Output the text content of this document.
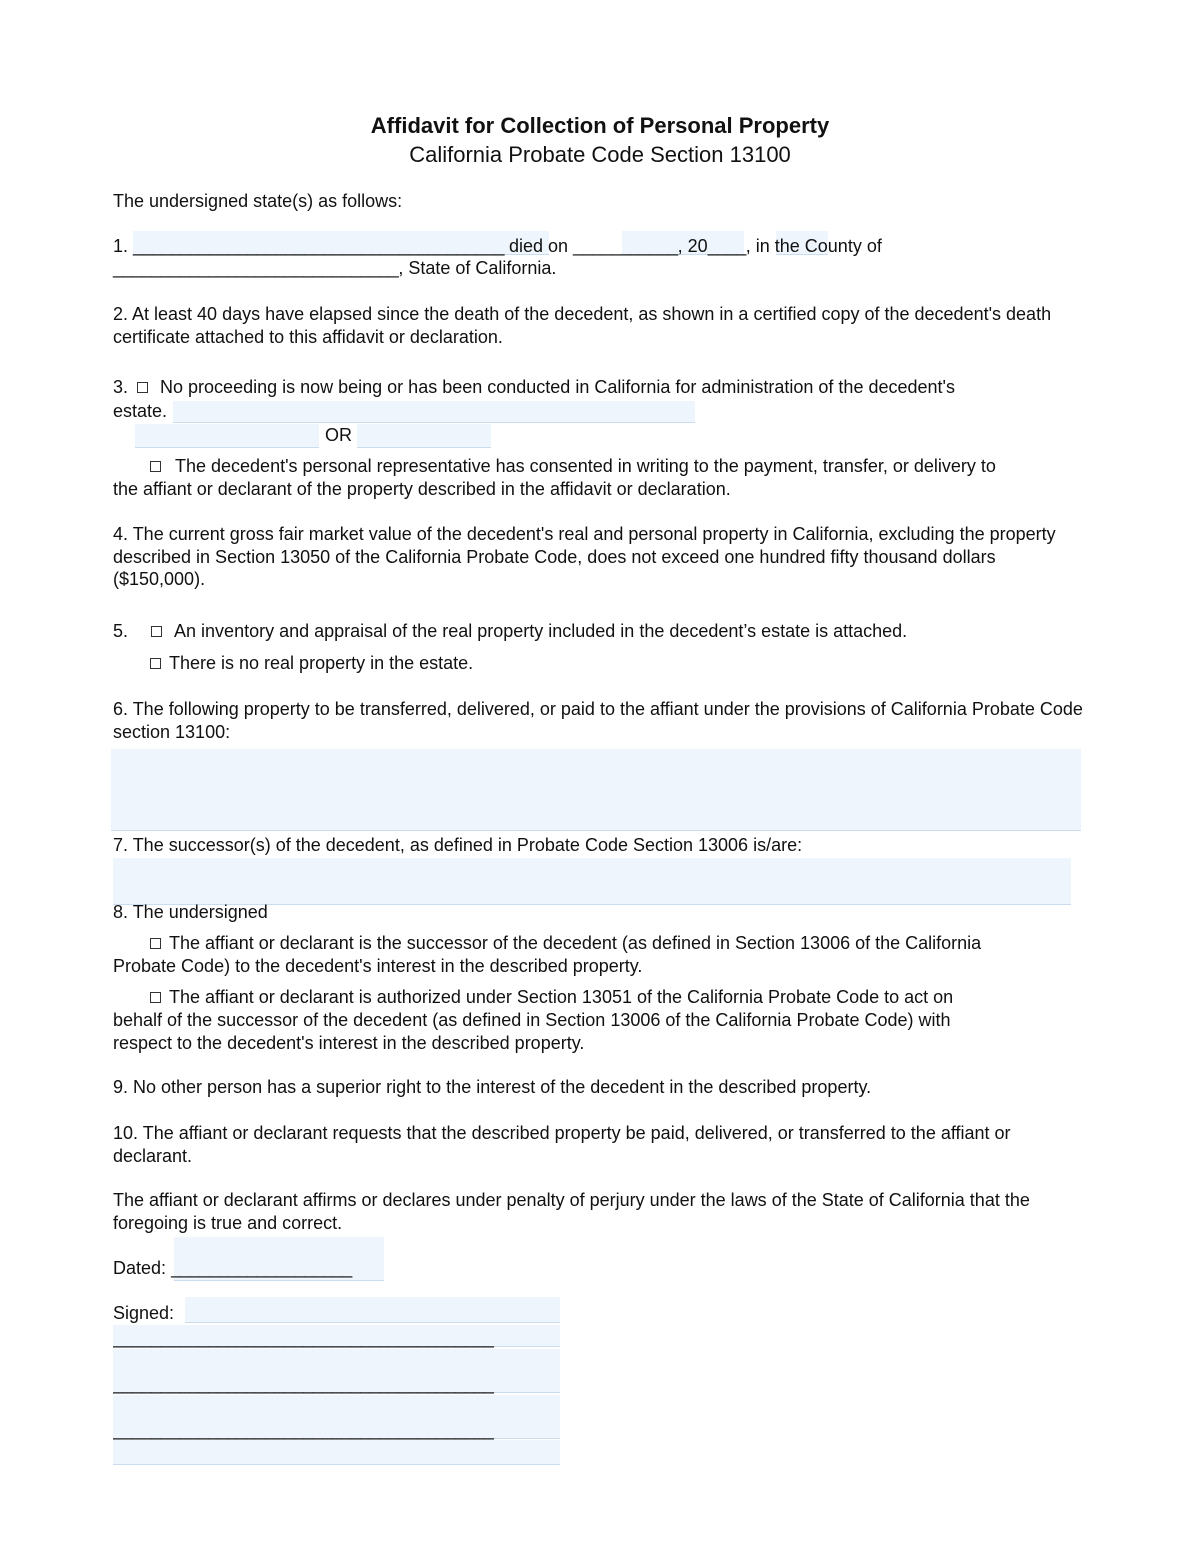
Affidavit for Collection of Personal Property
California Probate Code Section 13100
The undersigned state(s) as follows:
1. _______________________________________ died on ___________, 20____, in the County of
______________________________, State of California.
2. At least 40 days have elapsed since the death of the decedent, as shown in a certified copy of the decedent's death certificate attached to this affidavit or declaration.
3. No proceeding is now being or has been conducted in California for administration of the decedent's
estate.
OR
The decedent's personal representative has consented in writing to the payment, transfer, or delivery to
the affiant or declarant of the property described in the affidavit or declaration.
4. The current gross fair market value of the decedent's real and personal property in California, excluding the property described in Section 13050 of the California Probate Code, does not exceed one hundred fifty thousand dollars ($150,000).
5.	An inventory and appraisal of the real property included in the decedent’s estate is attached.
There is no real property in the estate.
6. The following property to be transferred, delivered, or paid to the affiant under the provisions of California Probate Code section 13100:
7. The successor(s) of the decedent, as defined in Probate Code Section 13006 is/are:
8. The undersigned
The affiant or declarant is the successor of the decedent (as defined in Section 13006 of the California
Probate Code) to the decedent's interest in the described property.
The affiant or declarant is authorized under Section 13051 of the California Probate Code to act on
behalf of the successor of the decedent (as defined in Section 13006 of the California Probate Code) with
respect to the decedent's interest in the described property.
9. No other person has a superior right to the interest of the decedent in the described property.
10. The affiant or declarant requests that the described property be paid, delivered, or transferred to the affiant or declarant.
The affiant or declarant affirms or declares under penalty of perjury under the laws of the State of California that the foregoing is true and correct.
Dated: ___________________
Signed:
________________________________________
________________________________________
________________________________________
